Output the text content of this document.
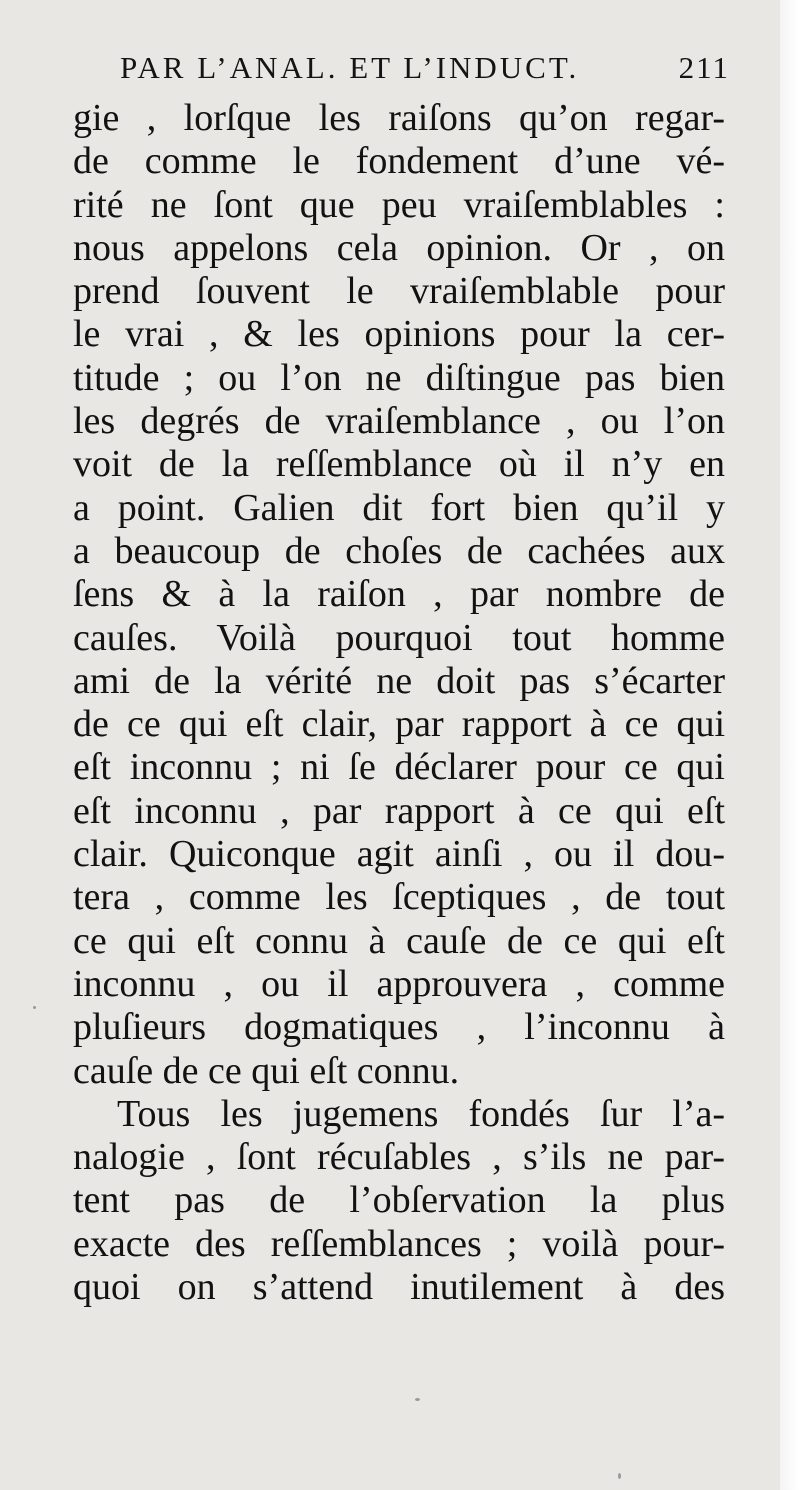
PAR L’ANAL. ET L’INDUCT.	211
gie , lorſque les raiſons qu’on regar-
de comme le fondement d’une vé-
rité ne ſont que peu vraiſemblables :
nous appelons cela opinion. Or , on
prend ſouvent le vraiſemblable pour
le vrai , & les opinions pour la cer-
titude ; ou l’on ne diſtingue pas bien
les degrés de vraiſemblance , ou l’on
voit de la reſſemblance où il n’y en
a point. Galien dit fort bien qu’il y
a beaucoup de choſes de cachées aux
ſens & à la raiſon , par nombre de
cauſes. Voilà pourquoi tout homme
ami de la vérité ne doit pas s’écarter
de ce qui eſt clair, par rapport à ce qui
eſt inconnu ; ni ſe déclarer pour ce qui
eſt inconnu , par rapport à ce qui eſt
clair. Quiconque agit ainſi , ou il dou-
tera , comme les ſceptiques , de tout
ce qui eſt connu à cauſe de ce qui eſt
inconnu , ou il approuvera , comme
pluſieurs dogmatiques , l’inconnu à
cauſe de ce qui eſt connu.
Tous les jugemens fondés ſur l’a-
nalogie , ſont récuſables , s’ils ne par-
tent pas de l’obſervation la plus
exacte des reſſemblances ; voilà pour-
quoi on s’attend inutilement à des
